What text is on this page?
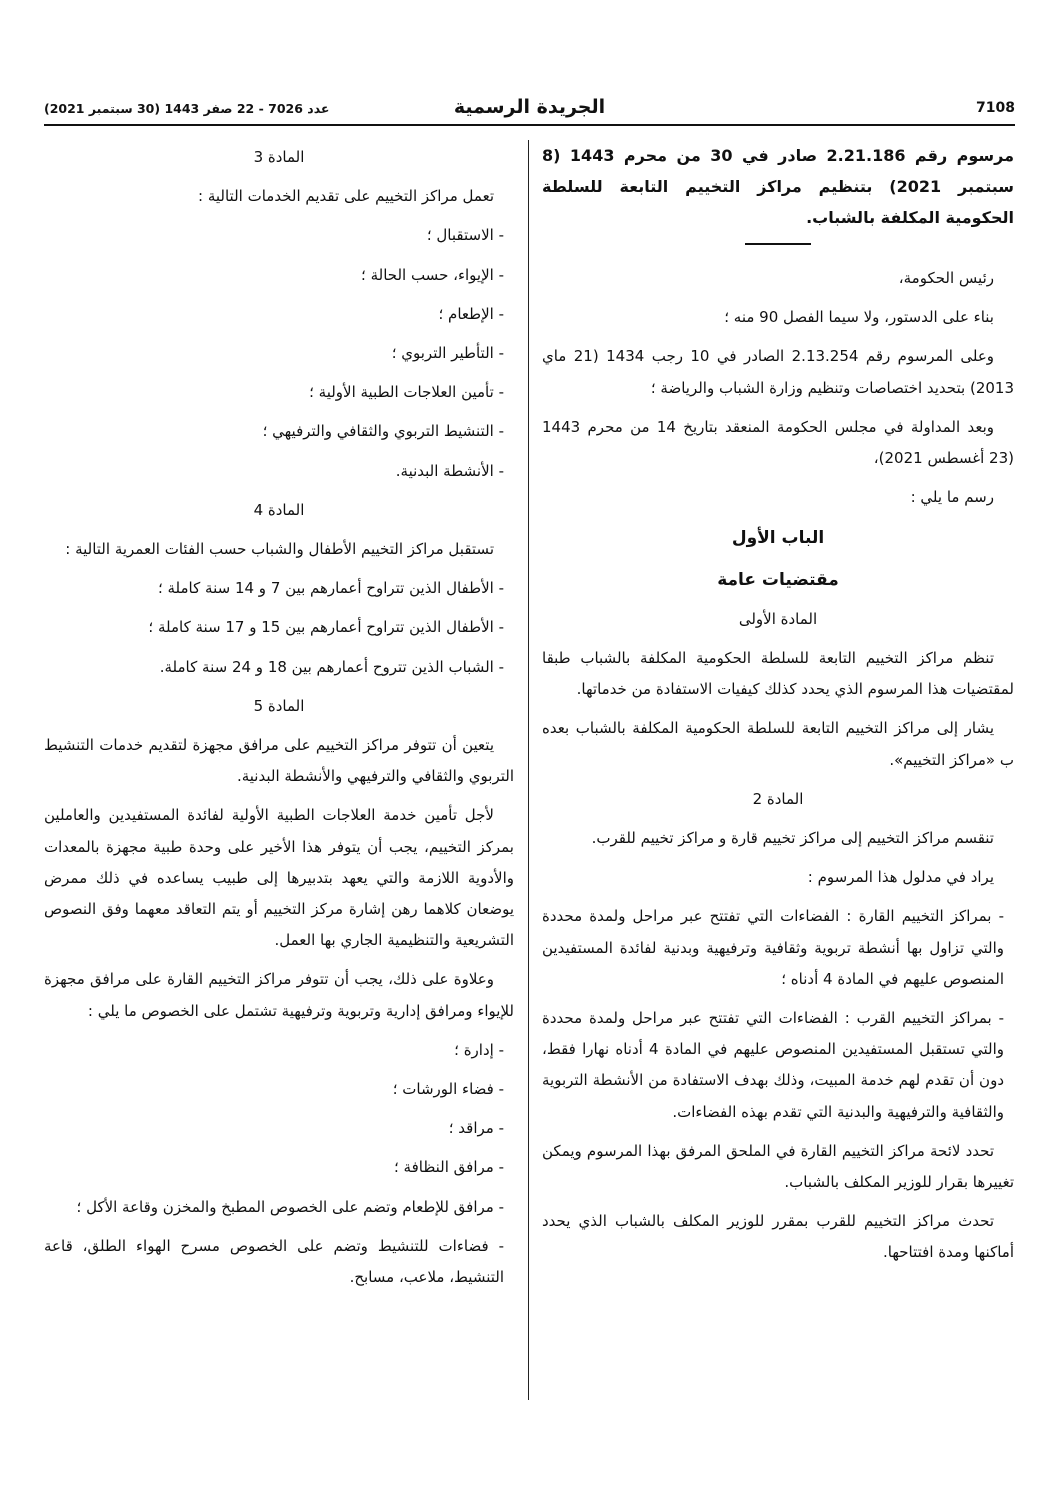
7108
الجريدة الرسمية
عدد 7026 - 22 صفر 1443 (30 سبتمبر 2021)

مرسوم رقم 2.21.186 صادر في 30 من محرم 1443 (8 سبتمبر 2021) بتنظيم مراكز التخييم التابعة للسلطة الحكومية المكلفة بالشباب.

رئيس الحكومة،

بناء على الدستور، ولا سيما الفصل 90 منه ؛

وعلى المرسوم رقم 2.13.254 الصادر في 10 رجب 1434 (21 ماي 2013) بتحديد اختصاصات وتنظيم وزارة الشباب والرياضة ؛

وبعد المداولة في مجلس الحكومة المنعقد بتاريخ 14 من محرم 1443 (23 أغسطس 2021)،

رسم ما يلي :

الباب الأول
مقتضيات عامة
المادة الأولى

تنظم مراكز التخييم التابعة للسلطة الحكومية المكلفة بالشباب طبقا لمقتضيات هذا المرسوم الذي يحدد كذلك كيفيات الاستفادة من خدماتها.

يشار إلى مراكز التخييم التابعة للسلطة الحكومية المكلفة بالشباب بعده ب «مراكز التخييم».

المادة 2

تنقسم مراكز التخييم إلى مراكز تخييم قارة و مراكز تخييم للقرب.

يراد في مدلول هذا المرسوم :

- بمراكز التخييم القارة : الفضاءات التي تفتتح عبر مراحل ولمدة محددة والتي تزاول بها أنشطة تربوية وثقافية وترفيهية وبدنية لفائدة المستفيدين المنصوص عليهم في المادة 4 أدناه ؛

- بمراكز التخييم القرب : الفضاءات التي تفتتح عبر مراحل ولمدة محددة والتي تستقبل المستفيدين المنصوص عليهم في المادة 4 أدناه نهارا فقط، دون أن تقدم لهم خدمة المبيت، وذلك بهدف الاستفادة من الأنشطة التربوية والثقافية والترفيهية والبدنية التي تقدم بهذه الفضاءات.

تحدد لائحة مراكز التخييم القارة في الملحق المرفق بهذا المرسوم ويمكن تغييرها بقرار للوزير المكلف بالشباب.

تحدث مراكز التخييم للقرب بمقرر للوزير المكلف بالشباب الذي يحدد أماكنها ومدة افتتاحها.

المادة 3

تعمل مراكز التخييم على تقديم الخدمات التالية :

- الاستقبال ؛

- الإيواء، حسب الحالة ؛

- الإطعام ؛

- التأطير التربوي ؛

- تأمين العلاجات الطبية الأولية ؛

- التنشيط التربوي والثقافي والترفيهي ؛

- الأنشطة البدنية.

المادة 4

تستقبل مراكز التخييم الأطفال والشباب حسب الفئات العمرية التالية :

- الأطفال الذين تتراوح أعمارهم بين 7 و 14 سنة كاملة ؛

- الأطفال الذين تتراوح أعمارهم بين 15 و 17 سنة كاملة ؛

- الشباب الذين تتروح أعمارهم بين 18 و 24 سنة كاملة.

المادة 5

يتعين أن تتوفر مراكز التخييم على مرافق مجهزة لتقديم خدمات التنشيط التربوي والثقافي والترفيهي والأنشطة البدنية.

لأجل تأمين خدمة العلاجات الطبية الأولية لفائدة المستفيدين والعاملين بمركز التخييم، يجب أن يتوفر هذا الأخير على وحدة طبية مجهزة بالمعدات والأدوية اللازمة والتي يعهد بتدبيرها إلى طبيب يساعده في ذلك ممرض يوضعان كلاهما رهن إشارة مركز التخييم أو يتم التعاقد معهما وفق النصوص التشريعية والتنظيمية الجاري بها العمل.

وعلاوة على ذلك، يجب أن تتوفر مراكز التخييم القارة على مرافق مجهزة للإيواء ومرافق إدارية وتربوية وترفيهية تشتمل على الخصوص ما يلي :

- إدارة ؛

- فضاء الورشات ؛

- مراقد ؛

- مرافق النظافة ؛

- مرافق للإطعام وتضم على الخصوص المطبخ والمخزن وقاعة الأكل ؛

- فضاءات للتنشيط وتضم على الخصوص مسرح الهواء الطلق، قاعة التنشيط، ملاعب، مسابح.
